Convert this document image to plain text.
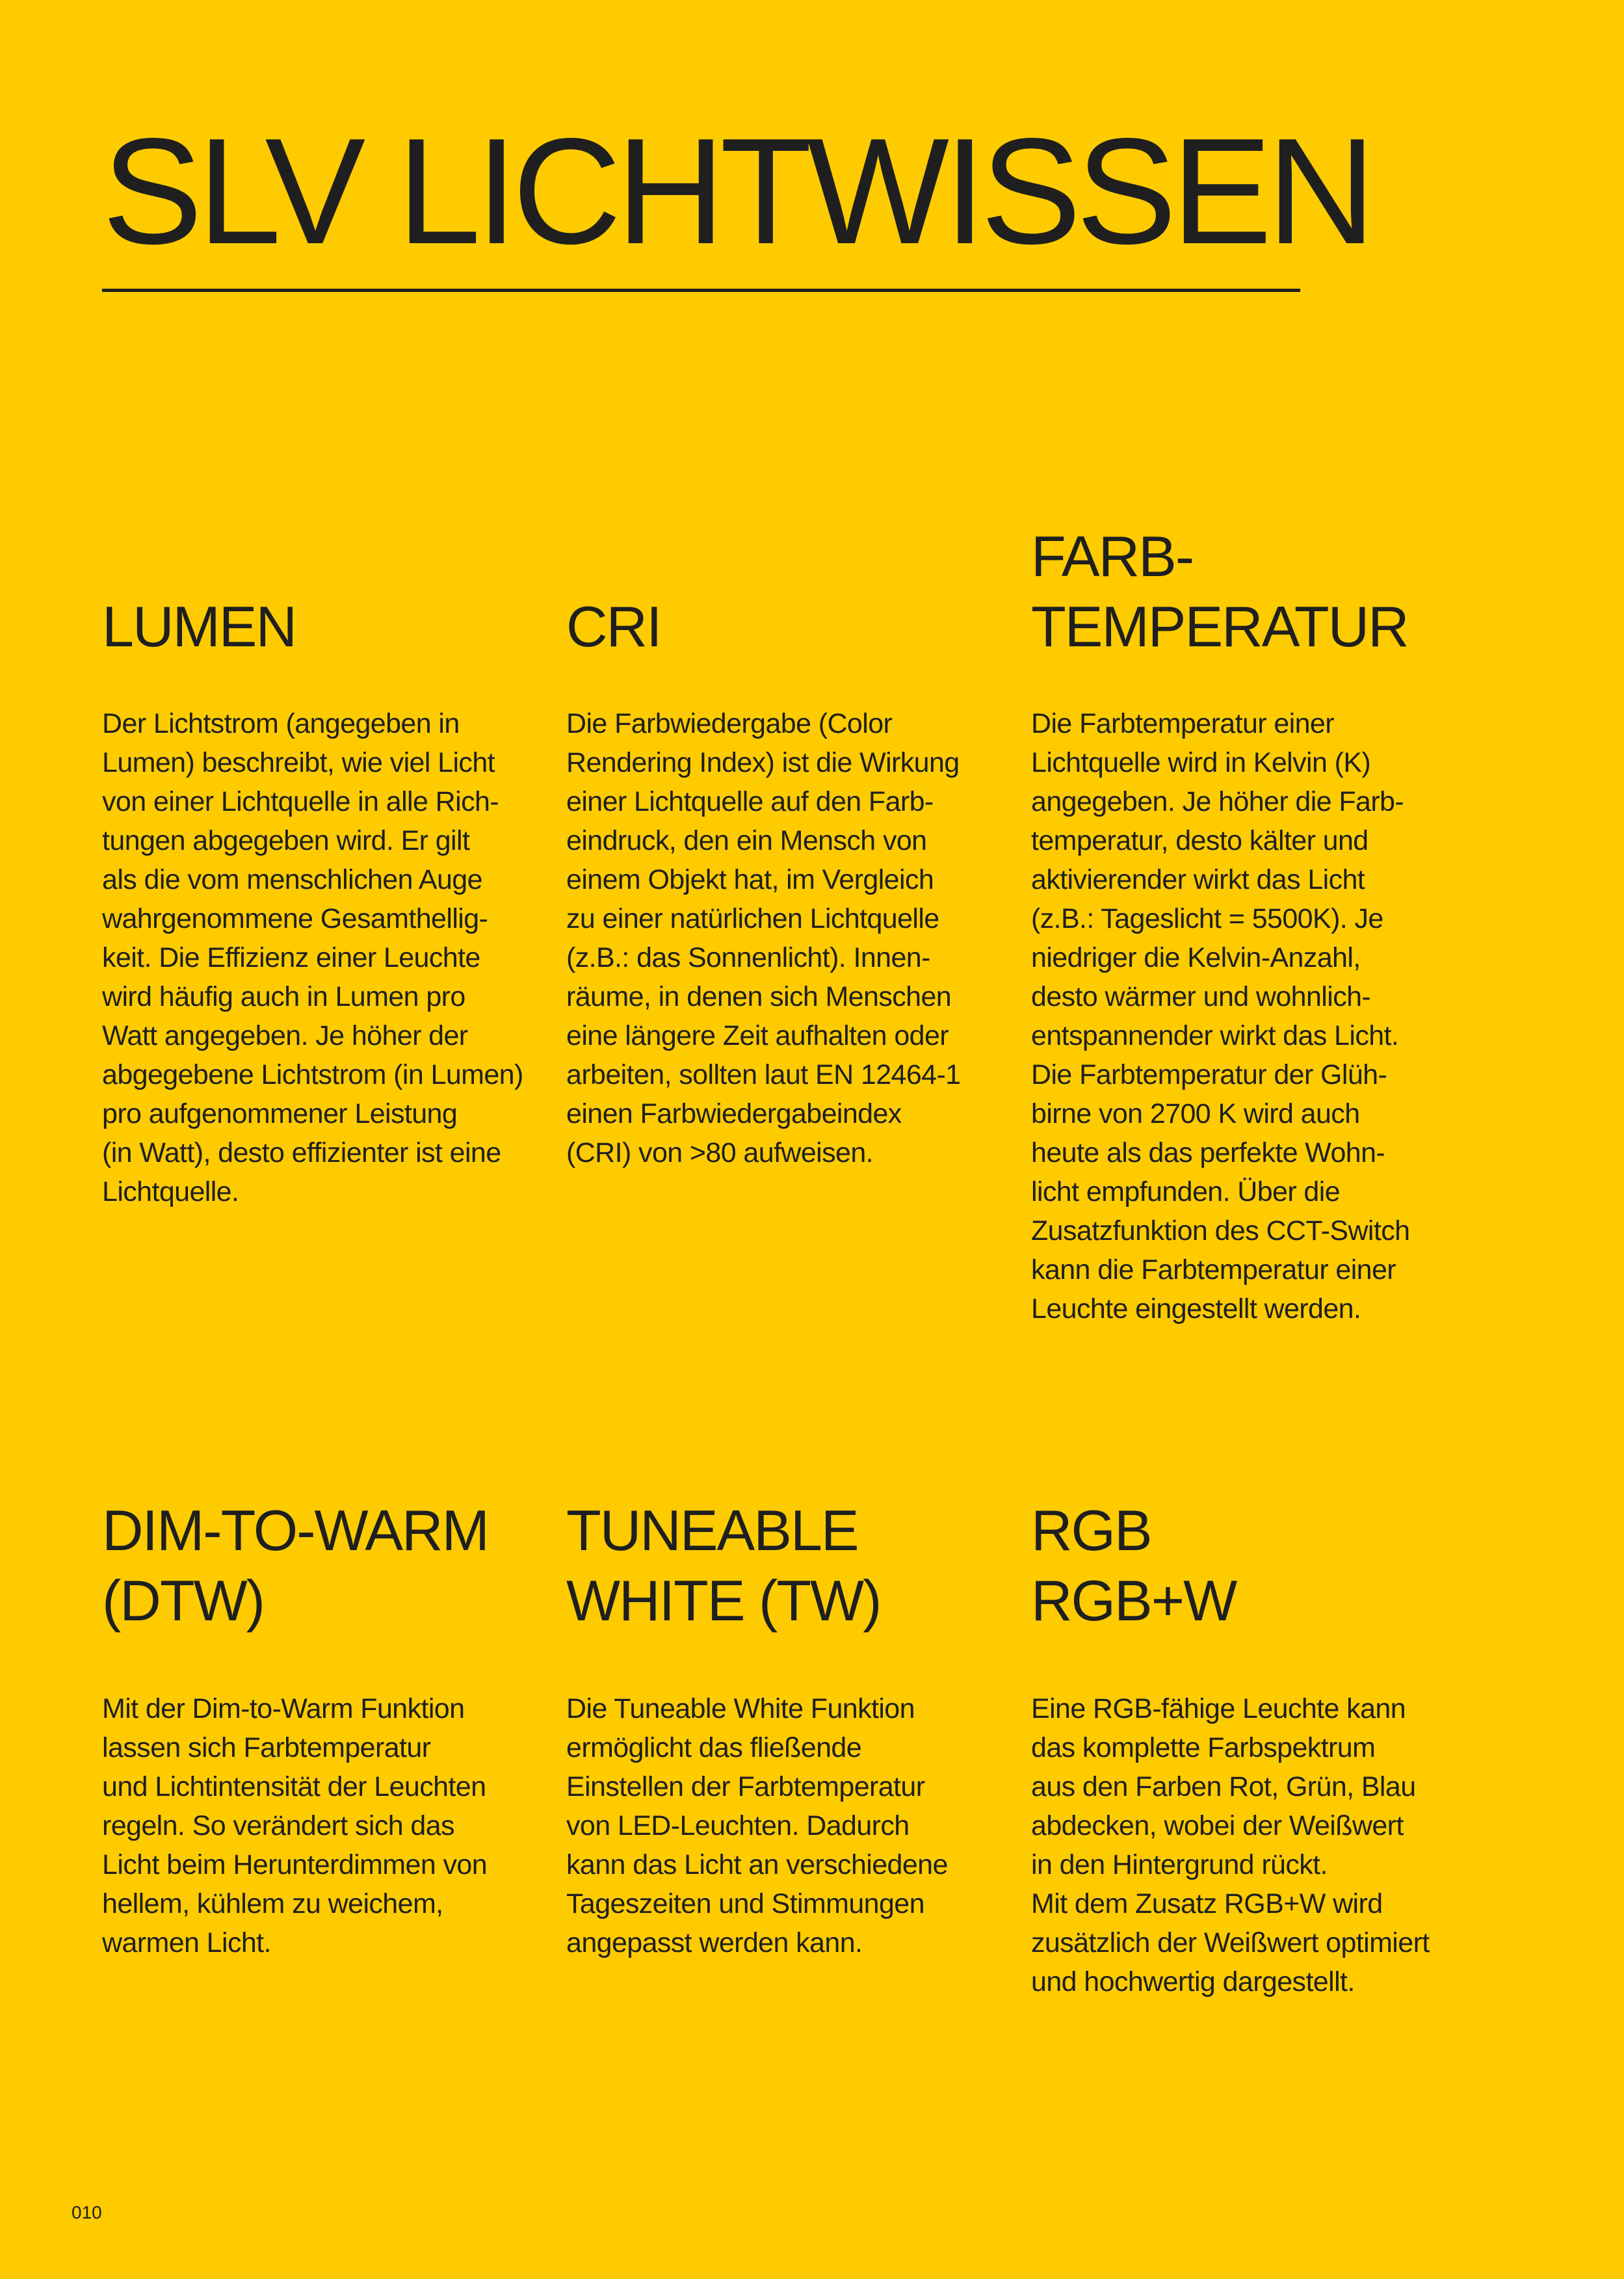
SLV LICHTWISSEN
LUMEN

Der Lichtstrom (angegeben in
Lumen) beschreibt, wie viel Licht
von einer Lichtquelle in alle Rich-
tungen abgegeben wird. Er gilt
als die vom menschlichen Auge
wahrgenommene Gesamthellig-
keit. Die Effizienz einer Leuchte
wird häufig auch in Lumen pro
Watt angegeben. Je höher der
abgegebene Lichtstrom (in Lumen)
pro aufgenommener Leistung
(in Watt), desto effizienter ist eine
Lichtquelle.

CRI

Die Farbwiedergabe (Color
Rendering Index) ist die Wirkung
einer Lichtquelle auf den Farb-
eindruck, den ein Mensch von
einem Objekt hat, im Vergleich
zu einer natürlichen Lichtquelle
(z.B.: das Sonnenlicht). Innen-
räume, in denen sich Menschen
eine längere Zeit aufhalten oder
arbeiten, sollten laut EN 12464-1
einen Farbwiedergabeindex
(CRI) von >80 aufweisen.

FARB-
TEMPERATUR

Die Farbtemperatur einer
Lichtquelle wird in Kelvin (K)
angegeben. Je höher die Farb-
temperatur, desto kälter und
aktivierender wirkt das Licht
(z.B.: Tageslicht = 5500K). Je
niedriger die Kelvin-Anzahl,
desto wärmer und wohnlich-
entspannender wirkt das Licht.
Die Farbtemperatur der Glüh-
birne von 2700 K wird auch
heute als das perfekte Wohn-
licht empfunden. Über die
Zusatzfunktion des CCT-Switch
kann die Farbtemperatur einer
Leuchte eingestellt werden.

DIM-TO-WARM
(DTW)

Mit der Dim-to-Warm Funktion
lassen sich Farbtemperatur
und Lichtintensität der Leuchten
regeln. So verändert sich das
Licht beim Herunterdimmen von
hellem, kühlem zu weichem,
warmen Licht.

TUNEABLE
WHITE (TW)

Die Tuneable White Funktion
ermöglicht das fließende
Einstellen der Farbtemperatur
von LED-Leuchten. Dadurch
kann das Licht an verschiedene
Tageszeiten und Stimmungen
angepasst werden kann.

RGB
RGB+W

Eine RGB-fähige Leuchte kann
das komplette Farbspektrum
aus den Farben Rot, Grün, Blau
abdecken, wobei der Weißwert
in den Hintergrund rückt.
Mit dem Zusatz RGB+W wird
zusätzlich der Weißwert optimiert
und hochwertig dargestellt.

010
